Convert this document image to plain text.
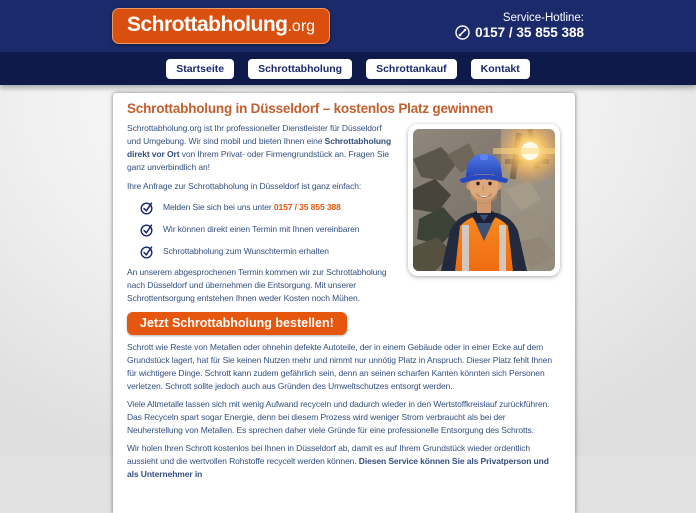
Schrottabholung.org	Service-Hotline:
0157 / 35 855 388
Startseite	Schrottabholung	Schrottankauf	Kontakt
Schrottabholung in Düsseldorf – kostenlos Platz gewinnen

Schrottabholung.org ist Ihr professioneller Dienstleister für Düsseldorf und Umgebung. Wir sind mobil und bieten Ihnen eine Schrottabholung direkt vor Ort von Ihrem Privat- oder Firmengrundstück an. Fragen Sie ganz unverbindlich an!

Ihre Anfrage zur Schrottabholung in Düsseldorf ist ganz einfach:

Melden Sie sich bei uns unter 0157 / 35 855 388
Wir können direkt einen Termin mit Ihnen vereinbaren
Schrottabholung zum Wunschtermin erhalten

An unserem abgesprochenen Termin kommen wir zur Schrottabholung nach Düsseldorf und übernehmen die Entsorgung. Mit unserer Schrottentsorgung entstehen Ihnen weder Kosten noch Mühen.

Jetzt Schrottabholung bestellen!

Schrott wie Reste von Metallen oder ohnehin defekte Autoteile, der in einem Gebäude oder in einer Ecke auf dem Grundstück lagert, hat für Sie keinen Nutzen mehr und nimmt nur unnötig Platz in Anspruch. Dieser Platz fehlt Ihnen für wichtigere Dinge. Schrott kann zudem gefährlich sein, denn an seinen scharfen Kanten könnten sich Personen verletzen. Schrott sollte jedoch auch aus Gründen des Umweltschutzes entsorgt werden.

Viele Altmetalle lassen sich mit wenig Aufwand recyceln und dadurch wieder in den Wertstoffkreislauf zurückführen. Das Recyceln spart sogar Energie, denn bei diesem Prozess wird weniger Strom verbraucht als bei der Neuherstellung von Metallen. Es sprechen daher viele Gründe für eine professionelle Entsorgung des Schrotts.

Wir holen Ihren Schrott kostenlos bei Ihnen in Düsseldorf ab, damit es auf Ihrem Grundstück wieder ordentlich aussieht und die wertvollen Rohstoffe recycelt werden können. Diesen Service können Sie als Privatperson und als Unternehmer in
